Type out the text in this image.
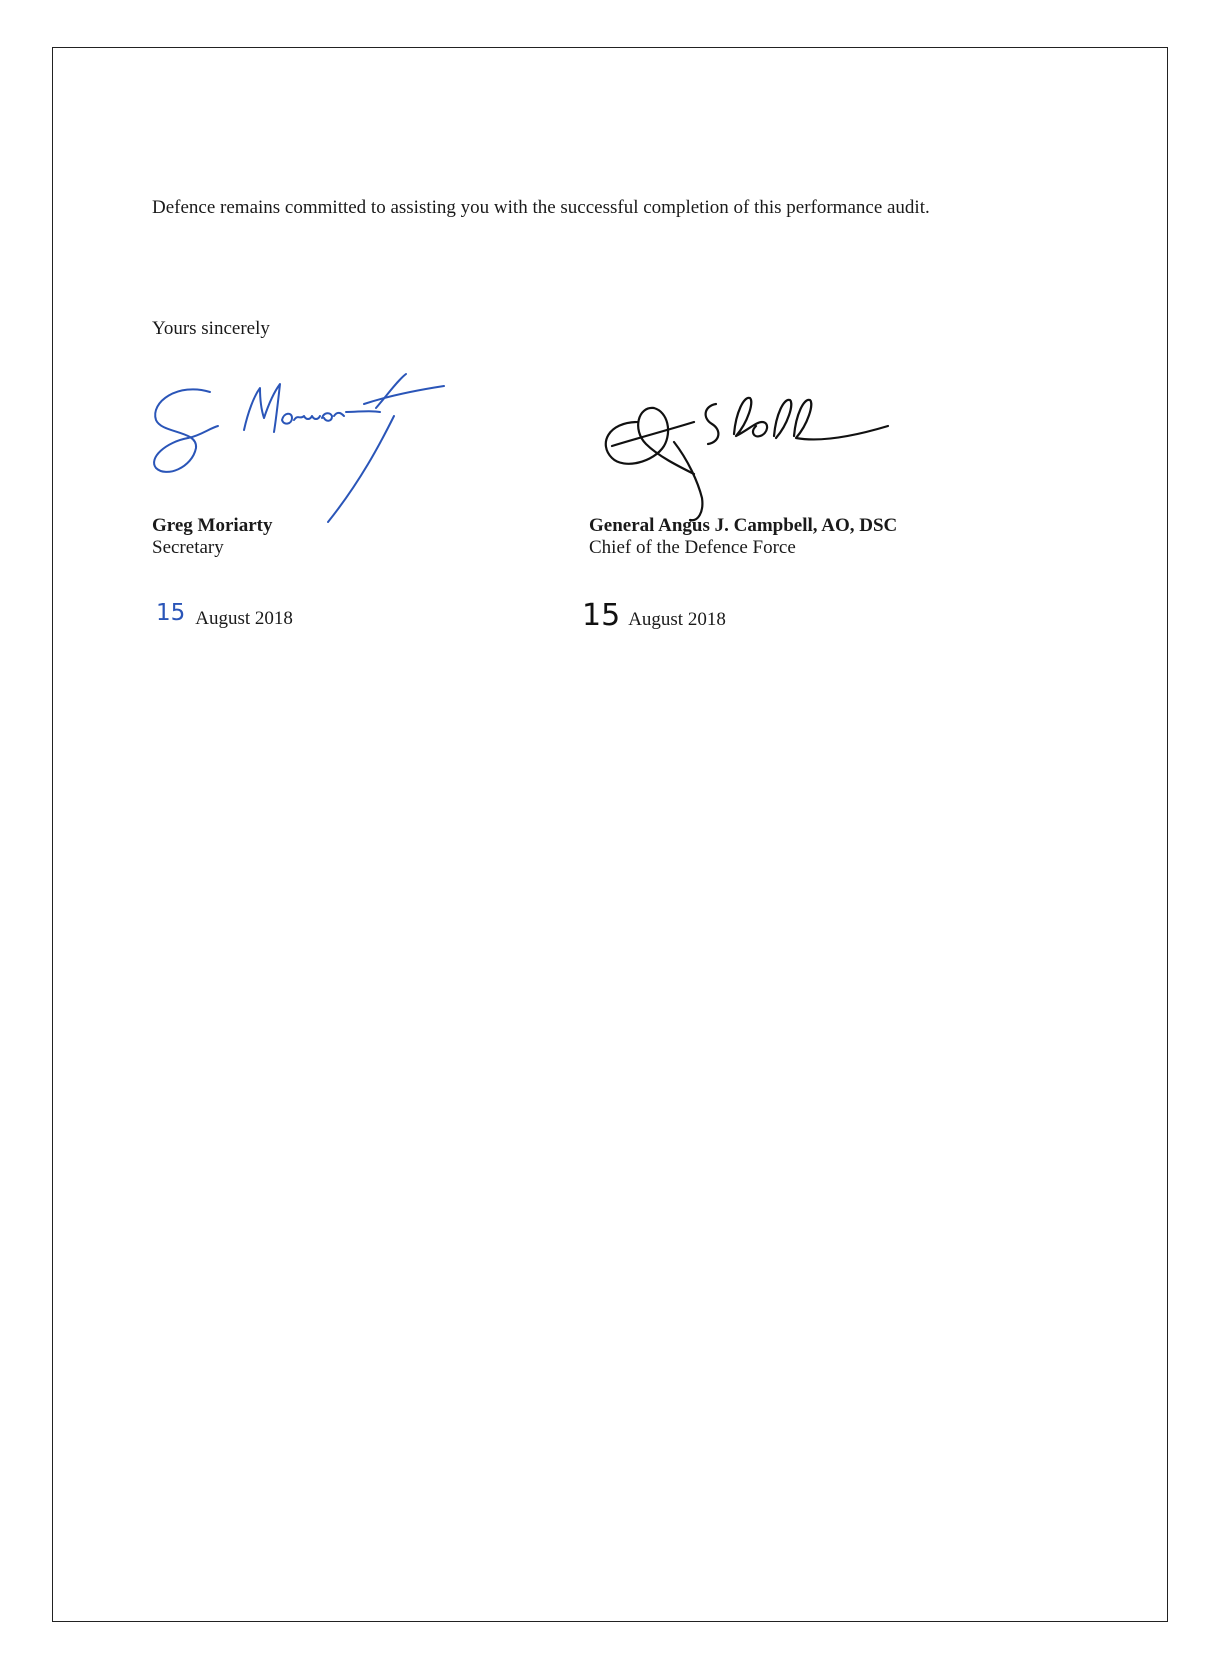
Defence remains committed to assisting you with the successful completion of this performance audit.
Yours sincerely
Greg Moriarty
Secretary
15 August 2018
General Angus J. Campbell, AO, DSC
Chief of the Defence Force
15 August 2018
